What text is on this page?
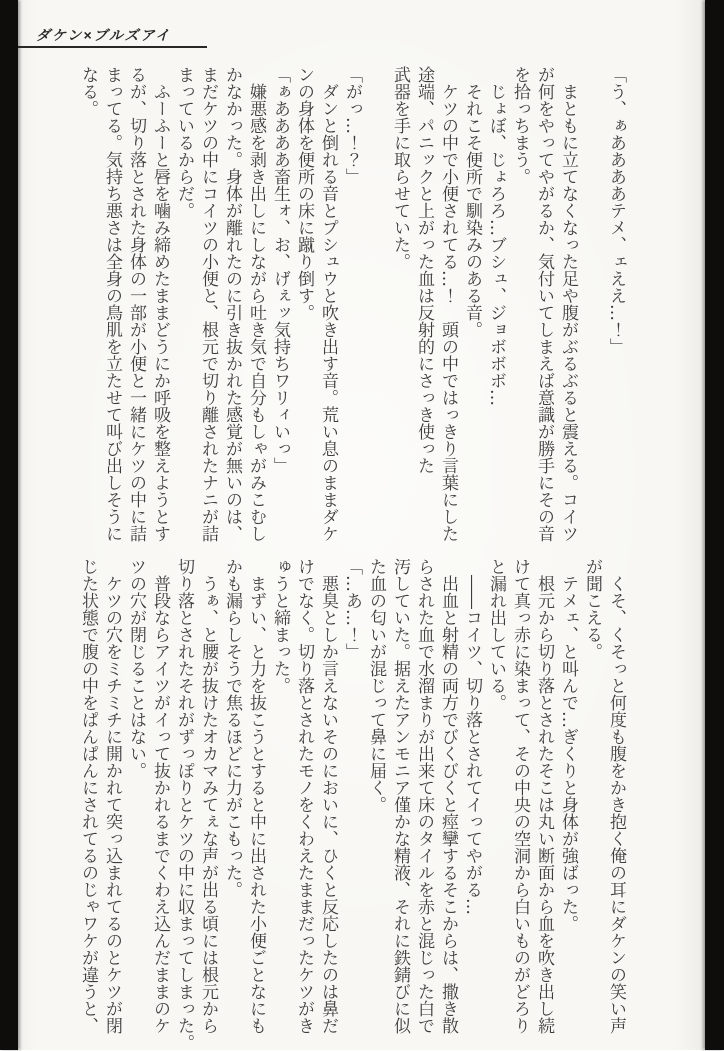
ダケン×ブルズアイ

「う、ぁああああテメ、ェええ…！」

　まともに立てなくなった足や腹がぶるぶると震える。コイツ

が何をやってやがるか、気付いてしまえば意識が勝手にその音

を拾っちまう。

　じょぼ、じょろろ…ブシュ、ジョボボボ…

　それこそ便所で馴染みのある音。

　ケツの中で小便されてる…！　頭の中ではっきり言葉にした

途端、パニックと上がった血は反射的にさっき使った

武器を手に取らせていた。

「がっ…！？」

　ダンと倒れる音とプシュウと吹き出す音。荒い息のままダケ

ンの身体を便所の床に蹴り倒す。

「ぁああああ畜生ォ、お、げぇッ気持ちワリィいっ」

　嫌悪感を剥き出しにしながら吐き気で自分もしゃがみこむし

かなかった。身体が離れたのに引き抜かれた感覚が無いのは、

まだケツの中にコイツの小便と、根元で切り離されたナニが詰

まっているからだ。

　ふーふーと唇を噛み締めたままどうにか呼吸を整えようとす

るが、切り落とされた身体の一部が小便と一緒にケツの中に詰

まってる。気持ち悪さは全身の鳥肌を立たせて叫び出しそうに

なる。

　くそ、くそっと何度も腹をかき抱く俺の耳にダケンの笑い声

が聞こえる。

　テメェ、と叫んで…ぎくりと身体が強ばった。

　根元から切り落とされたそこは丸い断面から血を吹き出し続

けて真っ赤に染まって、その中央の空洞から白いものがどろり

と漏れ出している。

　――コイツ、切り落とされてイってやがる…

　出血と射精の両方でびくびくと痙攣するそこからは、撒き散

らされた血で水溜まりが出来て床のタイルを赤と混じった白で

汚していた。据えたアンモニア僅かな精液、それに鉄錆びに似

た血の匂いが混じって鼻に届く。

「…あ…！」

　悪臭としか言えないそのにおいに、ひくと反応したのは鼻だ

けでなく。切り落とされたモノをくわえたままだったケツがき

ゅうと締まった。

　まずい、と力を抜こうとすると中に出された小便ごとなにも

かも漏らしそうで焦るほどに力がこもった。

　うぁ、と腰が抜けたオカマみてぇな声が出る頃には根元から

切り落とされたそれがずっぽりとケツの中に収まってしまった。

　普段ならアイツがイって抜かれるまでくわえ込んだままのケ

ツの穴が閉じることはない。

　ケツの穴をミチミチに開かれて突っ込まれてるのとケツが閉

じた状態で腹の中をぱんぱんにされてるのじゃワケが違うと、
